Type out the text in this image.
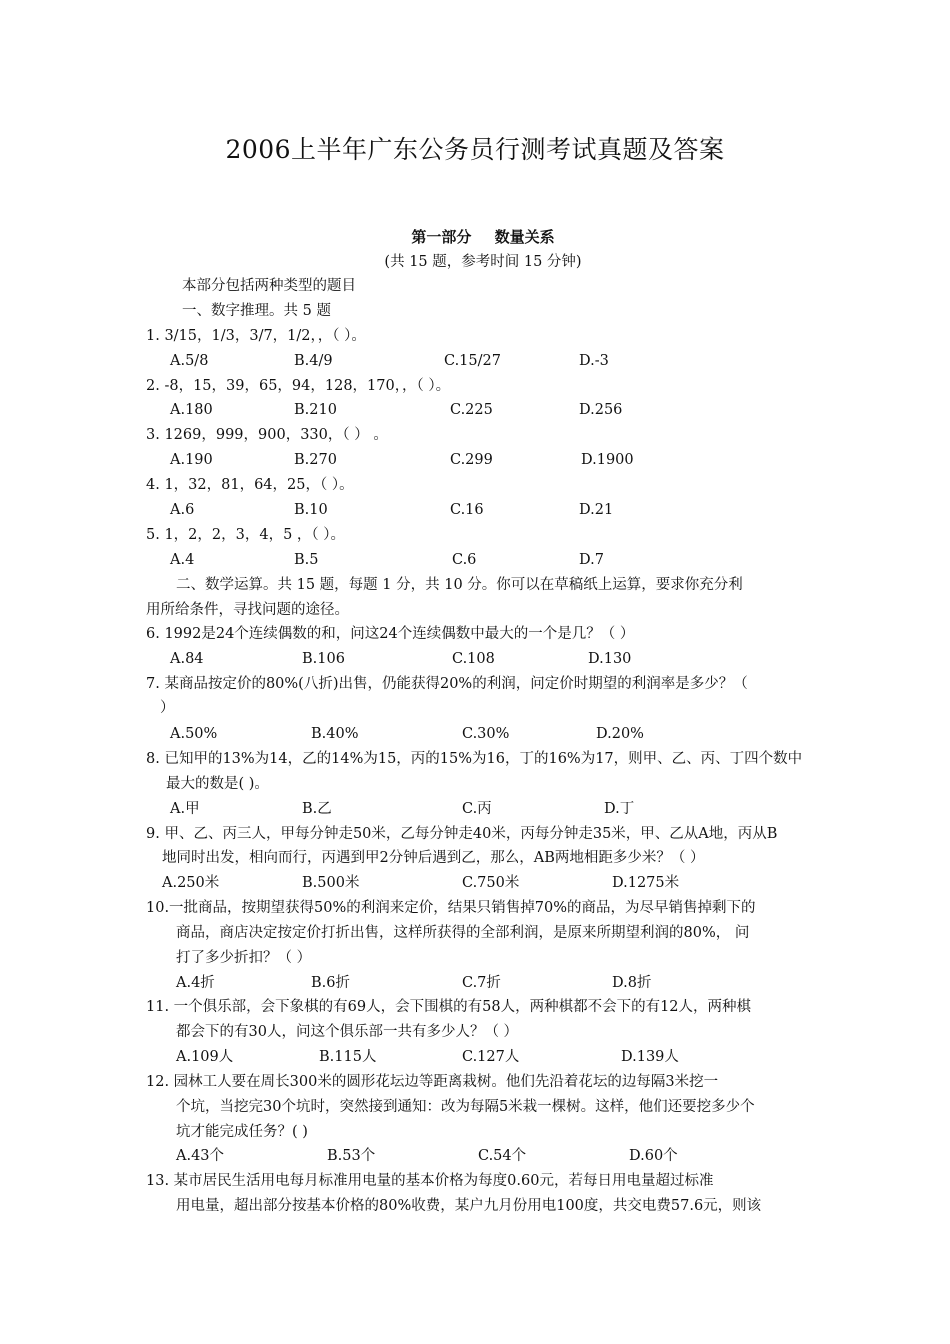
2006上半年广东公务员行测考试真题及答案
第一部分 数量关系
(共 15 题，参考时间 15 分钟)
本部分包括两种类型的题目
一、数字推理。共 5 题
1. 3/15，1/3，3/7，1/2，，（ ）。
A.5/8	B.4/9	C.15/27	D.-3
2. -8，15，39，65，94，128，170，，（ ）。
A.180	B.210	C.225	D.256
3. 1269，999，900，330，（ ） 。
A.190	B.270	C.299	D.1900
4. 1，32，81，64，25，（ ）。
A.6	B.10	C.16	D.21
5. 1，2，2，3，4，5 ，（ ）。
A.4	B.5	C.6	D.7
二、数学运算。共 15 题，每题 1 分，共 10 分。你可以在草稿纸上运算，要求你充分利
用所给条件，寻找问题的途径。
6. 1992是24个连续偶数的和，问这24个连续偶数中最大的一个是几？（ ）
A.84	B.106	C.108	D.130
7. 某商品按定价的80%(八折)出售，仍能获得20%的利润，问定价时期望的利润率是多少？（
）
A.50%	B.40%	C.30%	D.20%
8. 已知甲的13%为14，乙的14%为15，丙的15%为16，丁的16%为17，则甲、乙、丙、丁四个数中
最大的数是( )。
A.甲	B.乙	C.丙	D.丁
9. 甲、乙、丙三人，甲每分钟走50米，乙每分钟走40米，丙每分钟走35米，甲、乙从A地，丙从B
地同时出发，相向而行，丙遇到甲2分钟后遇到乙，那么，AB两地相距多少米？（ ）
A.250米	B.500米	C.750米	D.1275米
10.一批商品，按期望获得50%的利润来定价，结果只销售掉70%的商品，为尽早销售掉剩下的
商品，商店决定按定价打折出售，这样所获得的全部利润，是原来所期望利润的80%， 问
打了多少折扣？（ ）
A.4折	B.6折	C.7折	D.8折
11. 一个俱乐部，会下象棋的有69人，会下围棋的有58人，两种棋都不会下的有12人，两种棋
都会下的有30人，问这个俱乐部一共有多少人？（ ）
A.109人	B.115人	C.127人	D.139人
12. 园林工人要在周长300米的圆形花坛边等距离栽树。他们先沿着花坛的边每隔3米挖一
个坑，当挖完30个坑时，突然接到通知：改为每隔5米栽一棵树。这样，他们还要挖多少个
坑才能完成任务？( )
A.43个	B.53个	C.54个	D.60个
13. 某市居民生活用电每月标准用电量的基本价格为每度0.60元，若每日用电量超过标准
用电量，超出部分按基本价格的80%收费，某户九月份用电100度，共交电费57.6元，则该
